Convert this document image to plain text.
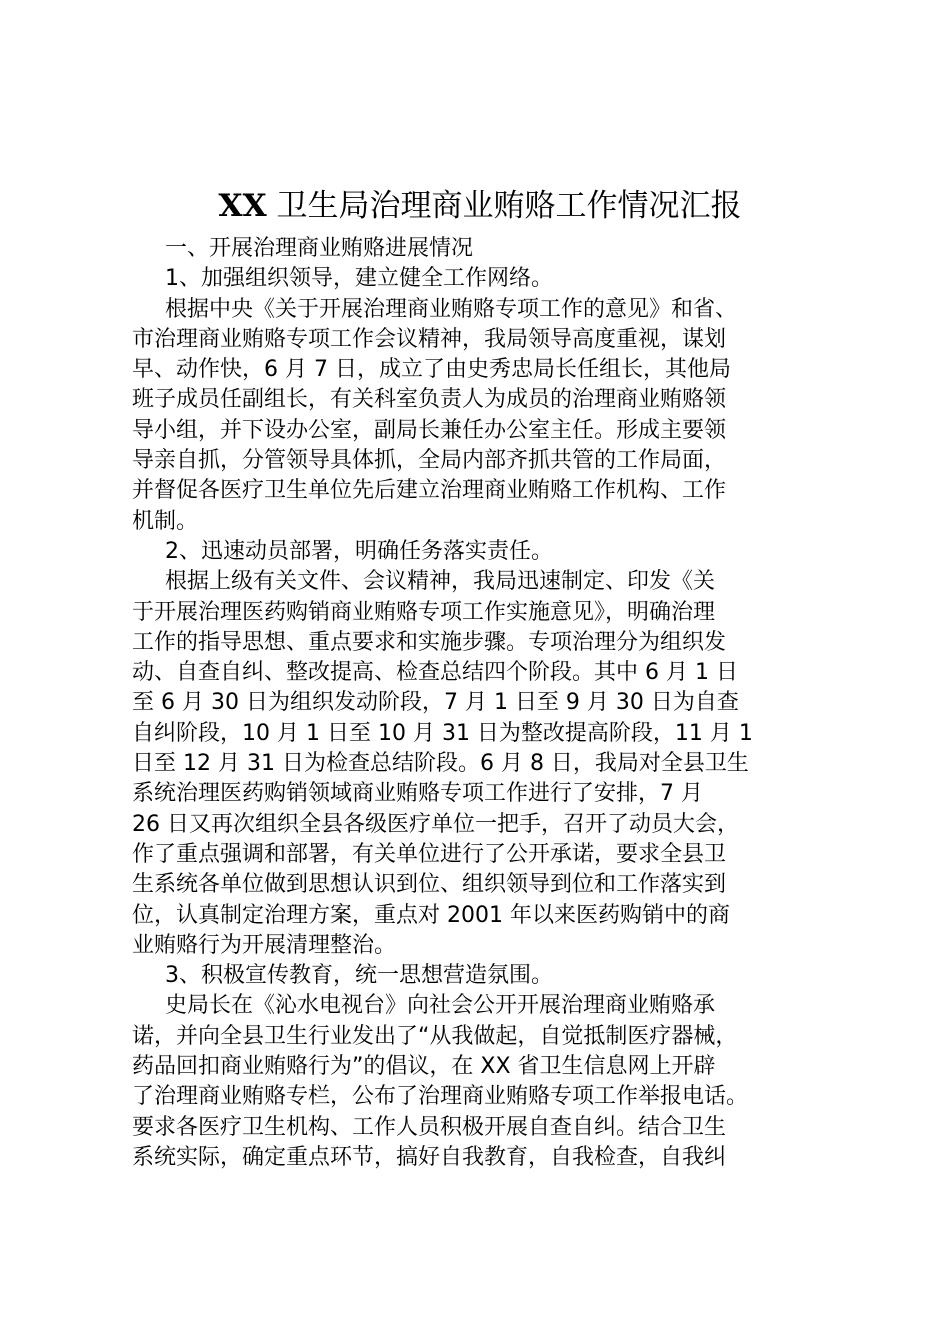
XX 卫生局治理商业贿赂工作情况汇报
一、开展治理商业贿赂进展情况
1、加强组织领导，建立健全工作网络。
根据中央《关于开展治理商业贿赂专项工作的意见》和省、
市治理商业贿赂专项工作会议精神，我局领导高度重视，谋划
早、动作快，6 月 7 日，成立了由史秀忠局长任组长，其他局
班子成员任副组长，有关科室负责人为成员的治理商业贿赂领
导小组，并下设办公室，副局长兼任办公室主任。形成主要领
导亲自抓，分管领导具体抓，全局内部齐抓共管的工作局面，
并督促各医疗卫生单位先后建立治理商业贿赂工作机构、工作
机制。
2、迅速动员部署，明确任务落实责任。
根据上级有关文件、会议精神，我局迅速制定、印发《关
于开展治理医药购销商业贿赂专项工作实施意见》，明确治理
工作的指导思想、重点要求和实施步骤。专项治理分为组织发
动、自查自纠、整改提高、检查总结四个阶段。其中 6 月 1 日
至 6 月 30 日为组织发动阶段，7 月 1 日至 9 月 30 日为自查
自纠阶段，10 月 1 日至 10 月 31 日为整改提高阶段，11 月 1
日至 12 月 31 日为检查总结阶段。6 月 8 日，我局对全县卫生
系统治理医药购销领域商业贿赂专项工作进行了安排，7 月
26 日又再次组织全县各级医疗单位一把手，召开了动员大会，
作了重点强调和部署，有关单位进行了公开承诺，要求全县卫
生系统各单位做到思想认识到位、组织领导到位和工作落实到
位，认真制定治理方案，重点对 2001 年以来医药购销中的商
业贿赂行为开展清理整治。
3、积极宣传教育，统一思想营造氛围。
史局长在《沁水电视台》向社会公开开展治理商业贿赂承
诺，并向全县卫生行业发出了“从我做起，自觉抵制医疗器械，
药品回扣商业贿赂行为”的倡议，在 XX 省卫生信息网上开辟
了治理商业贿赂专栏，公布了治理商业贿赂专项工作举报电话。
要求各医疗卫生机构、工作人员积极开展自查自纠。结合卫生
系统实际，确定重点环节，搞好自我教育，自我检查，自我纠
